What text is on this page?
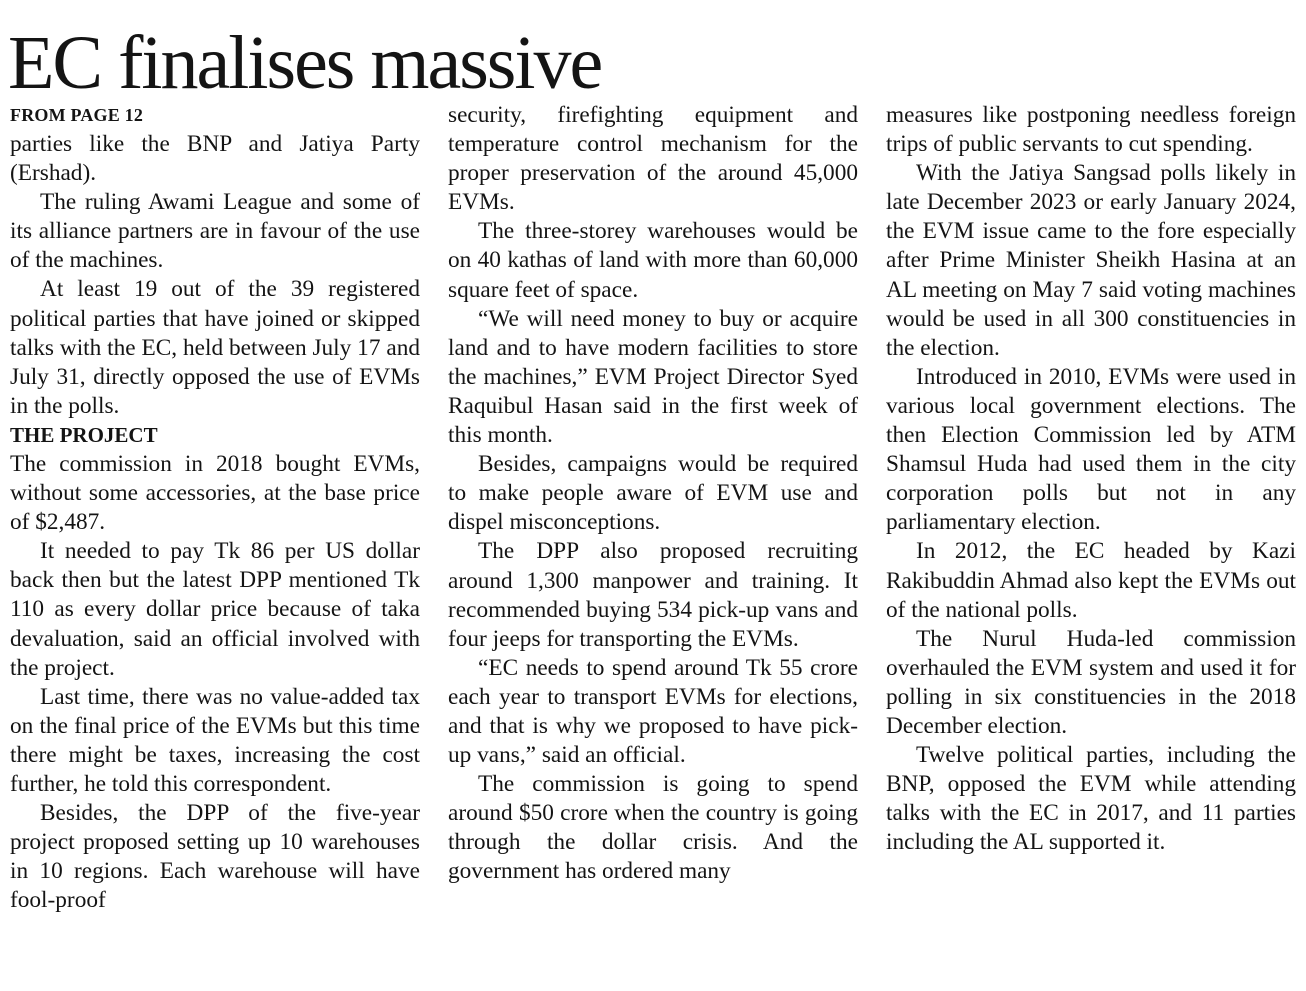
EC finalises massive
FROM PAGE 12

parties like the BNP and Jatiya Party (Ershad).

The ruling Awami League and some of its alliance partners are in favour of the use of the machines.

At least 19 out of the 39 registered political parties that have joined or skipped talks with the EC, held between July 17 and July 31, directly opposed the use of EVMs in the polls.

THE PROJECT

The commission in 2018 bought EVMs, without some accessories, at the base price of $2,487.

It needed to pay Tk 86 per US dollar back then but the latest DPP mentioned Tk 110 as every dollar price because of taka devaluation, said an official involved with the project.

Last time, there was no value-added tax on the final price of the EVMs but this time there might be taxes, increasing the cost further, he told this correspondent.

Besides, the DPP of the five-year project proposed setting up 10 warehouses in 10 regions. Each warehouse will have fool-proof

security, firefighting equipment and temperature control mechanism for the proper preservation of the around 45,000 EVMs.

The three-storey warehouses would be on 40 kathas of land with more than 60,000 square feet of space.

“We will need money to buy or acquire land and to have modern facilities to store the machines,” EVM Project Director Syed Raquibul Hasan said in the first week of this month.

Besides, campaigns would be required to make people aware of EVM use and dispel misconceptions.

The DPP also proposed recruiting around 1,300 manpower and training. It recommended buying 534 pick-up vans and four jeeps for transporting the EVMs.

“EC needs to spend around Tk 55 crore each year to transport EVMs for elections, and that is why we proposed to have pick-up vans,” said an official.

The commission is going to spend around $50 crore when the country is going through the dollar crisis. And the government has ordered many

measures like postponing needless foreign trips of public servants to cut spending.

With the Jatiya Sangsad polls likely in late December 2023 or early January 2024, the EVM issue came to the fore especially after Prime Minister Sheikh Hasina at an AL meeting on May 7 said voting machines would be used in all 300 constituencies in the election.

Introduced in 2010, EVMs were used in various local government elections. The then Election Commission led by ATM Shamsul Huda had used them in the city corporation polls but not in any parliamentary election.

In 2012, the EC headed by Kazi Rakibuddin Ahmad also kept the EVMs out of the national polls.

The Nurul Huda-led commission overhauled the EVM system and used it for polling in six constituencies in the 2018 December election.

Twelve political parties, including the BNP, opposed the EVM while attending talks with the EC in 2017, and 11 parties including the AL supported it.
